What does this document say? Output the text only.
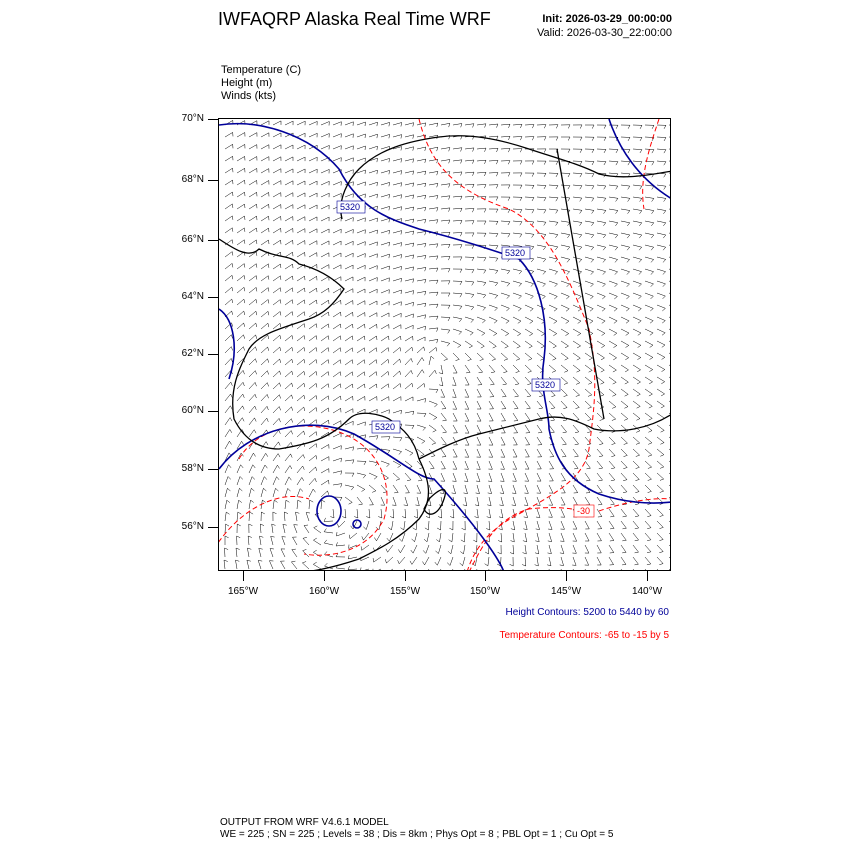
IWFAQRP Alaska Real Time WRF	Init: 2026-03-29_00:00:00
Valid: 2026-03-30_22:00:00
Temperature (C)
Height (m)
Winds (kts)
70°N
68°N
66°N
64°N
62°N
60°N
58°N
56°N
165°W	160°W	155°W	150°W	145°W	140°W
5320
5320
5320
5320
-30
Height Contours: 5200 to 5440 by 60
Temperature Contours: -65 to -15 by 5
OUTPUT FROM WRF V4.6.1 MODEL
WE = 225 ; SN = 225 ; Levels = 38 ; Dis = 8km ; Phys Opt = 8 ; PBL Opt = 1 ; Cu Opt = 5
